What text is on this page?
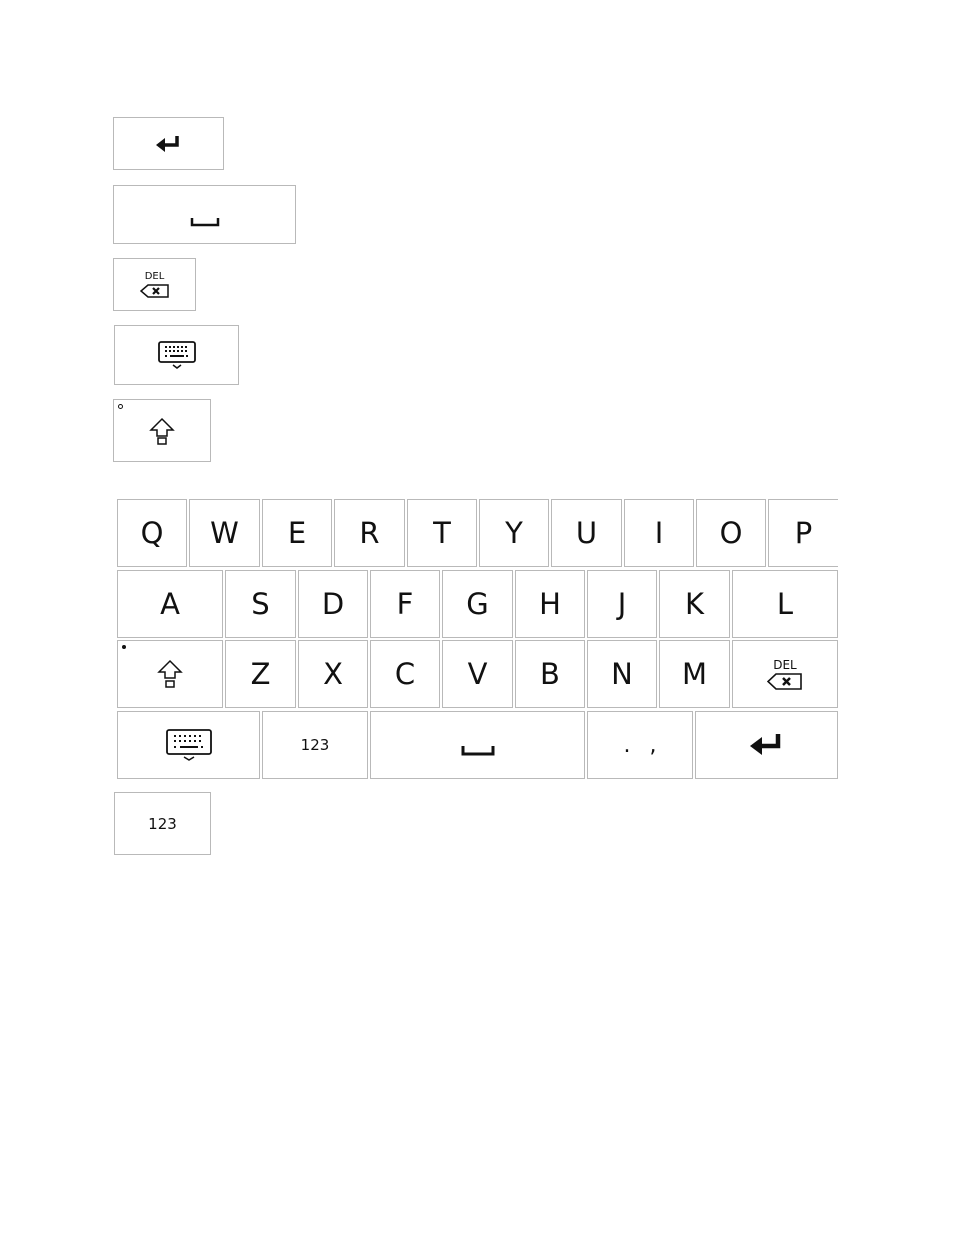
DEL
Q W E R T Y U I O P
A S D F G H J K	L
Z X C V B N M	DEL
123	. ,
123
